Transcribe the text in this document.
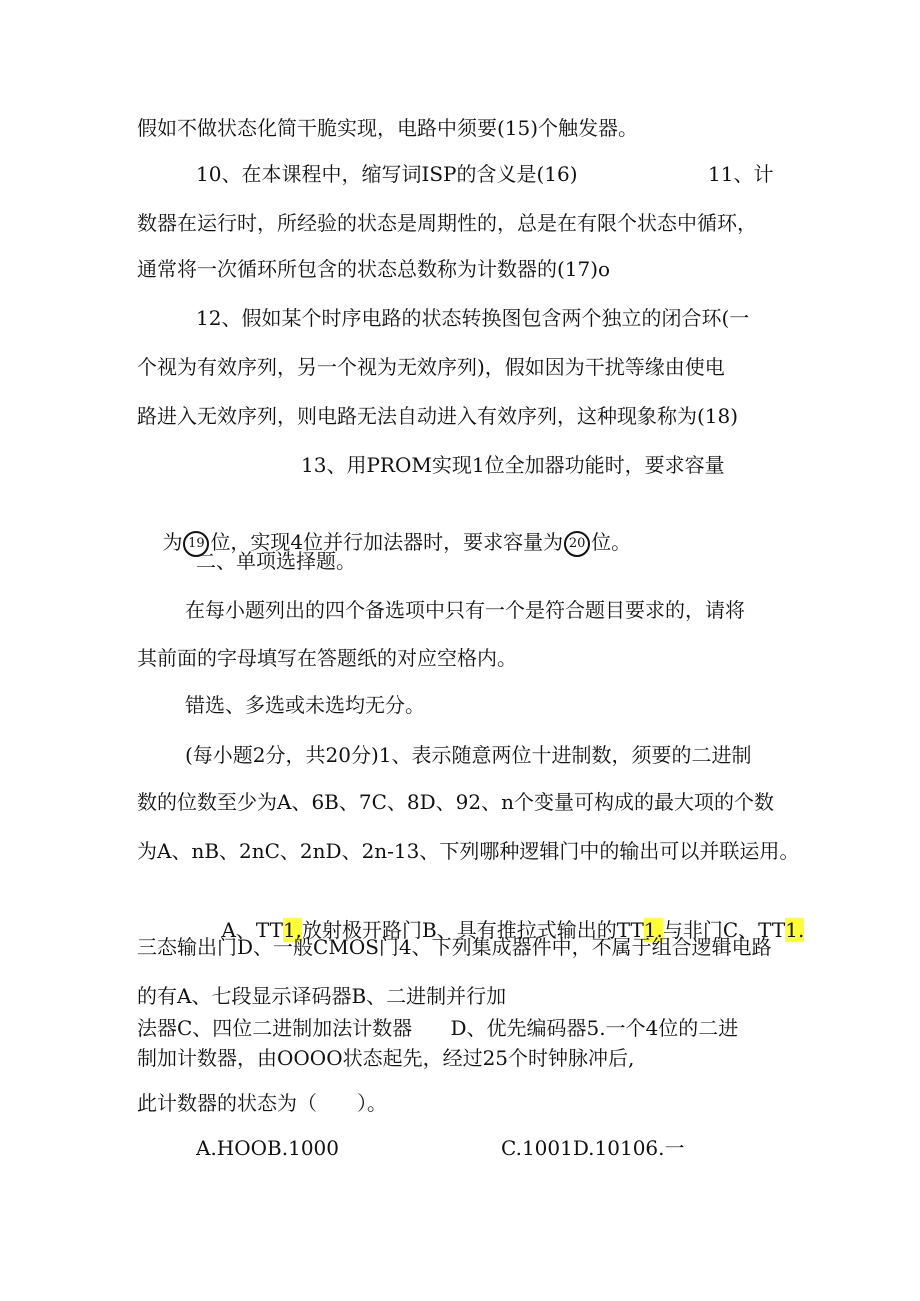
假如不做状态化简干脆实现，电路中须要(15)个触发器。
10、在本课程中，缩写词ISP的含义是(16)	11、计
数器在运行时，所经验的状态是周期性的，总是在有限个状态中循环，
通常将一次循环所包含的状态总数称为计数器的(17)o
12、假如某个时序电路的状态转换图包含两个独立的闭合环(一
个视为有效序列，另一个视为无效序列)，假如因为干扰等缘由使电
路进入无效序列，则电路无法自动进入有效序列，这种现象称为(18)
13、用PROM实现1位全加器功能时，要求容量

为 19 位，实现4位并行加法器时，要求容量为 20 位。

二、单项选择题。
在每小题列出的四个备选项中只有一个是符合题目要求的，请将
其前面的字母填写在答题纸的对应空格内。
错选、多选或未选均无分。
(每小题2分，共20分)1、表示随意两位十进制数，须要的二进制
数的位数至少为A、6B、7C、8D、92、n个变量可构成的最大项的个数
为A、nB、2nC、2nD、2n-13、下列哪种逻辑门中的输出可以并联运用。

A、TT1.放射极开路门B、具有推拉式输出的TT1.与非门C、TT1.

三态输出门D、一般CMOS门4、下列集成器件中，不属于组合逻辑电路
的有A、七段显示译码器B、二进制并行加
法器C、四位二进制加法计数器      D、优先编码器5.一个4位的二进
制加计数器，由OOOO状态起先，经过25个时钟脉冲后,
此计数器的状态为（　　）。
A.HOOB.1000	C.1001D.10106.一
